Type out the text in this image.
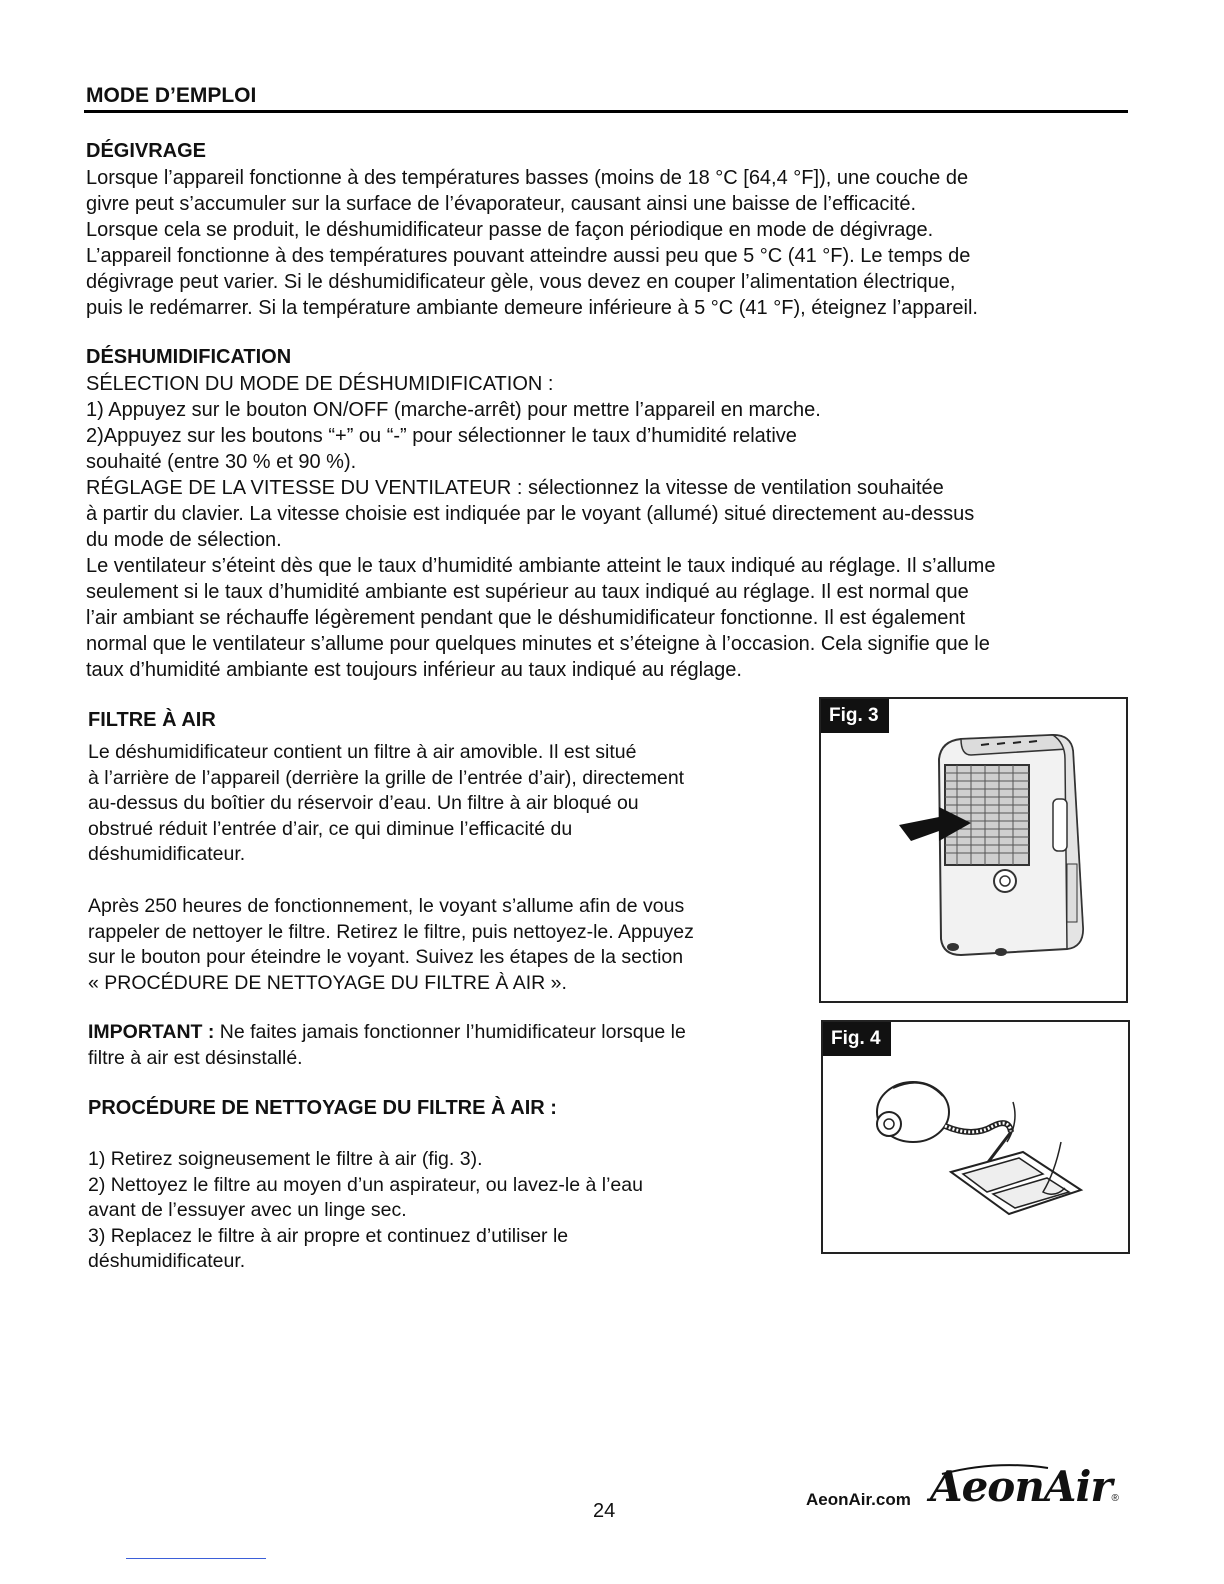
MODE D’EMPLOI
DÉGIVRAGE
Lorsque l’appareil fonctionne à des températures basses (moins de 18 °C [64,4 °F]), une couche de
givre peut s’accumuler sur la surface de l’évaporateur, causant ainsi une baisse de l’efficacité.
Lorsque cela se produit, le déshumidificateur passe de façon périodique en mode de dégivrage.
L’appareil fonctionne à des températures pouvant atteindre aussi peu que 5 °C (41 °F). Le temps de
dégivrage peut varier. Si le déshumidificateur gèle, vous devez en couper l’alimentation électrique,
puis le redémarrer. Si la température ambiante demeure inférieure à 5 °C (41 °F), éteignez l’appareil.
DÉSHUMIDIFICATION
SÉLECTION DU MODE DE DÉSHUMIDIFICATION :
1) Appuyez sur le bouton ON/OFF (marche-arrêt) pour mettre l’appareil en marche.
2)Appuyez sur les boutons “+” ou “-” pour sélectionner le taux d’humidité relative
souhaité (entre 30 % et 90 %).
RÉGLAGE DE LA VITESSE DU VENTILATEUR : sélectionnez la vitesse de ventilation souhaitée
à partir du clavier. La vitesse choisie est indiquée par le voyant (allumé) situé directement au-dessus
du mode de sélection.
Le ventilateur s’éteint dès que le taux d’humidité ambiante atteint le taux indiqué au réglage. Il s’allume
seulement si le taux d’humidité ambiante est supérieur au taux indiqué au réglage. Il est normal que
l’air ambiant se réchauffe légèrement pendant que le déshumidificateur fonctionne. Il est également
normal que le ventilateur s’allume pour quelques minutes et s’éteigne à l’occasion. Cela signifie que le
taux d’humidité ambiante est toujours inférieur au taux indiqué au réglage.
FILTRE À AIR
Le déshumidificateur contient un filtre à air amovible. Il est situé
à l’arrière de l’appareil (derrière la grille de l’entrée d’air), directement
au-dessus du boîtier du réservoir d’eau. Un filtre à air bloqué ou
obstrué réduit l’entrée d’air, ce qui diminue l’efficacité du
déshumidificateur.
Après 250 heures de fonctionnement, le voyant s’allume afin de vous
rappeler de nettoyer le filtre. Retirez le filtre, puis nettoyez-le. Appuyez
sur le bouton pour éteindre le voyant. Suivez les étapes de la section
« PROCÉDURE DE NETTOYAGE DU FILTRE À AIR ».
IMPORTANT : Ne faites jamais fonctionner l’humidificateur lorsque le
filtre à air est désinstallé.
PROCÉDURE DE NETTOYAGE DU FILTRE À AIR :
1) Retirez soigneusement le filtre à air (fig. 3).
2) Nettoyez le filtre au moyen d’un aspirateur, ou lavez-le à l’eau
avant de l’essuyer avec un linge sec.
3) Replacez le filtre à air propre et continuez d’utiliser le
déshumidificateur.
Fig. 3
Fig. 4
24
AeonAir.com AeonAir®
